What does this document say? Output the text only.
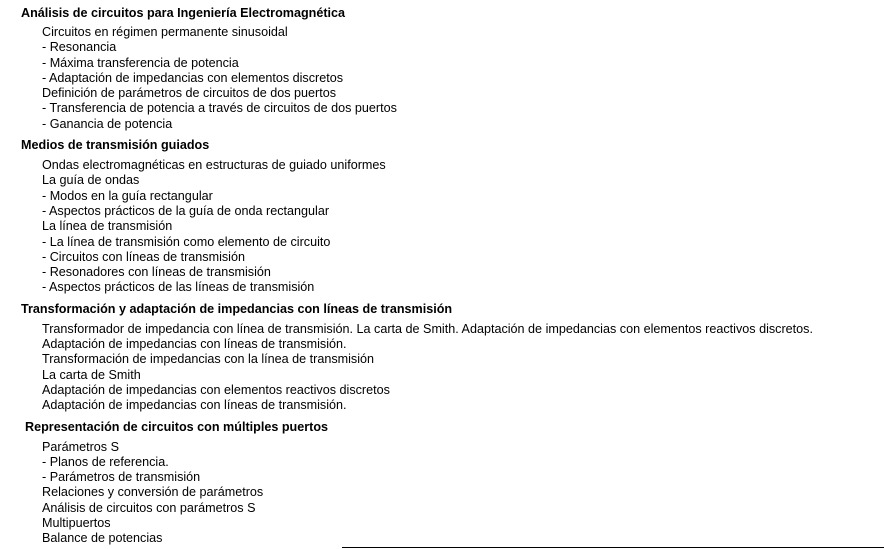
Análisis de circuitos para Ingeniería Electromagnética
Circuitos en régimen permanente sinusoidal
- Resonancia
- Máxima transferencia de potencia
- Adaptación de impedancias con elementos discretos
Definición de parámetros de circuitos de dos puertos
- Transferencia de potencia a través de circuitos de dos puertos
- Ganancia de potencia
Medios de transmisión guiados
Ondas electromagnéticas en estructuras de guiado uniformes
La guía de ondas
- Modos en la guía rectangular
- Aspectos prácticos de la guía de onda rectangular
La línea de transmisión
- La línea de transmisión como elemento de circuito
- Circuitos con líneas de transmisión
- Resonadores con líneas de transmisión
- Aspectos prácticos de las líneas de transmisión
Transformación y adaptación de impedancias con líneas de transmisión
Transformador de impedancia con línea de transmisión. La carta de Smith. Adaptación de impedancias con elementos reactivos discretos.
Adaptación de impedancias con líneas de transmisión.
Transformación de impedancias con la línea de transmisión
La carta de Smith
Adaptación de impedancias con elementos reactivos discretos
Adaptación de impedancias con líneas de transmisión.
Representación de circuitos con múltiples puertos
Parámetros S
- Planos de referencia.
- Parámetros de transmisión
Relaciones y conversión de parámetros
Análisis de circuitos con parámetros S
Multipuertos
Balance de potencias
